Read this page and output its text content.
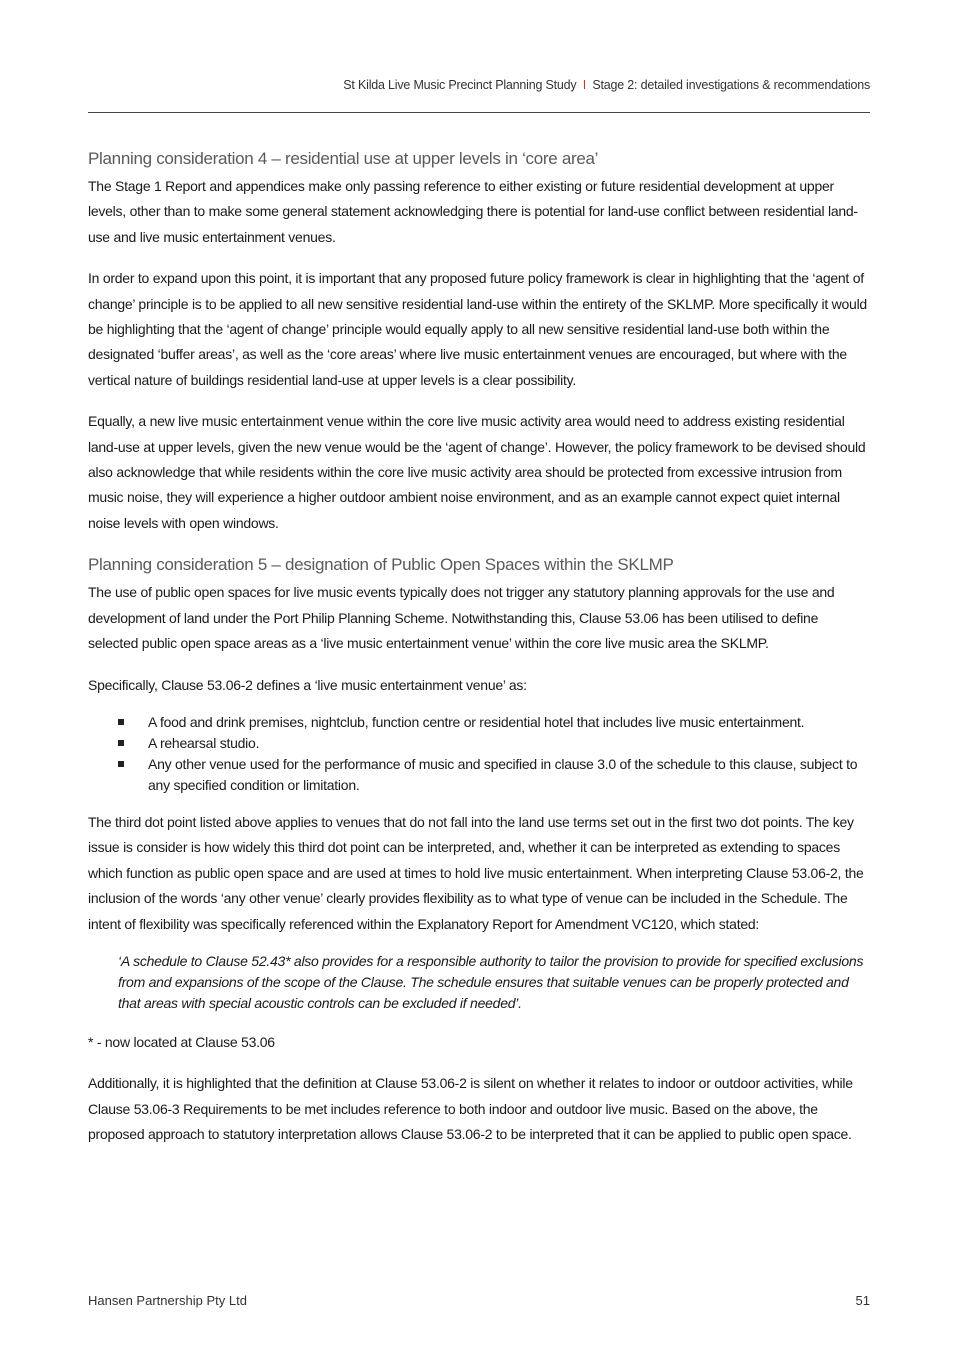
St Kilda Live Music Precinct Planning Study I Stage 2: detailed investigations & recommendations
Planning consideration 4 – residential use at upper levels in ‘core area’

The Stage 1 Report and appendices make only passing reference to either existing or future residential development at upper levels, other than to make some general statement acknowledging there is potential for land-use conflict between residential land-use and live music entertainment venues.

In order to expand upon this point, it is important that any proposed future policy framework is clear in highlighting that the ‘agent of change’ principle is to be applied to all new sensitive residential land-use within the entirety of the SKLMP. More specifically it would be highlighting that the ‘agent of change’ principle would equally apply to all new sensitive residential land-use both within the designated ‘buffer areas’, as well as the ‘core areas’ where live music entertainment venues are encouraged, but where with the vertical nature of buildings residential land-use at upper levels is a clear possibility.

Equally, a new live music entertainment venue within the core live music activity area would need to address existing residential land-use at upper levels, given the new venue would be the ‘agent of change’. However, the policy framework to be devised should also acknowledge that while residents within the core live music activity area should be protected from excessive intrusion from music noise, they will experience a higher outdoor ambient noise environment, and as an example cannot expect quiet internal noise levels with open windows.

Planning consideration 5 – designation of Public Open Spaces within the SKLMP

The use of public open spaces for live music events typically does not trigger any statutory planning approvals for the use and development of land under the Port Philip Planning Scheme. Notwithstanding this, Clause 53.06 has been utilised to define selected public open space areas as a ‘live music entertainment venue’ within the core live music area the SKLMP.

Specifically, Clause 53.06-2 defines a ‘live music entertainment venue’ as:

A food and drink premises, nightclub, function centre or residential hotel that includes live music entertainment.
A rehearsal studio.
Any other venue used for the performance of music and specified in clause 3.0 of the schedule to this clause, subject to any specified condition or limitation.

The third dot point listed above applies to venues that do not fall into the land use terms set out in the first two dot points. The key issue is consider is how widely this third dot point can be interpreted, and, whether it can be interpreted as extending to spaces which function as public open space and are used at times to hold live music entertainment. When interpreting Clause 53.06-2, the inclusion of the words ‘any other venue’ clearly provides flexibility as to what type of venue can be included in the Schedule. The intent of flexibility was specifically referenced within the Explanatory Report for Amendment VC120, which stated:

‘A schedule to Clause 52.43* also provides for a responsible authority to tailor the provision to provide for specified exclusions from and expansions of the scope of the Clause. The schedule ensures that suitable venues can be properly protected and that areas with special acoustic controls can be excluded if needed’.

* - now located at Clause 53.06

Additionally, it is highlighted that the definition at Clause 53.06-2 is silent on whether it relates to indoor or outdoor activities, while Clause 53.06-3 Requirements to be met includes reference to both indoor and outdoor live music. Based on the above, the proposed approach to statutory interpretation allows Clause 53.06-2 to be interpreted that it can be applied to public open space.

Hansen Partnership Pty Ltd	51
